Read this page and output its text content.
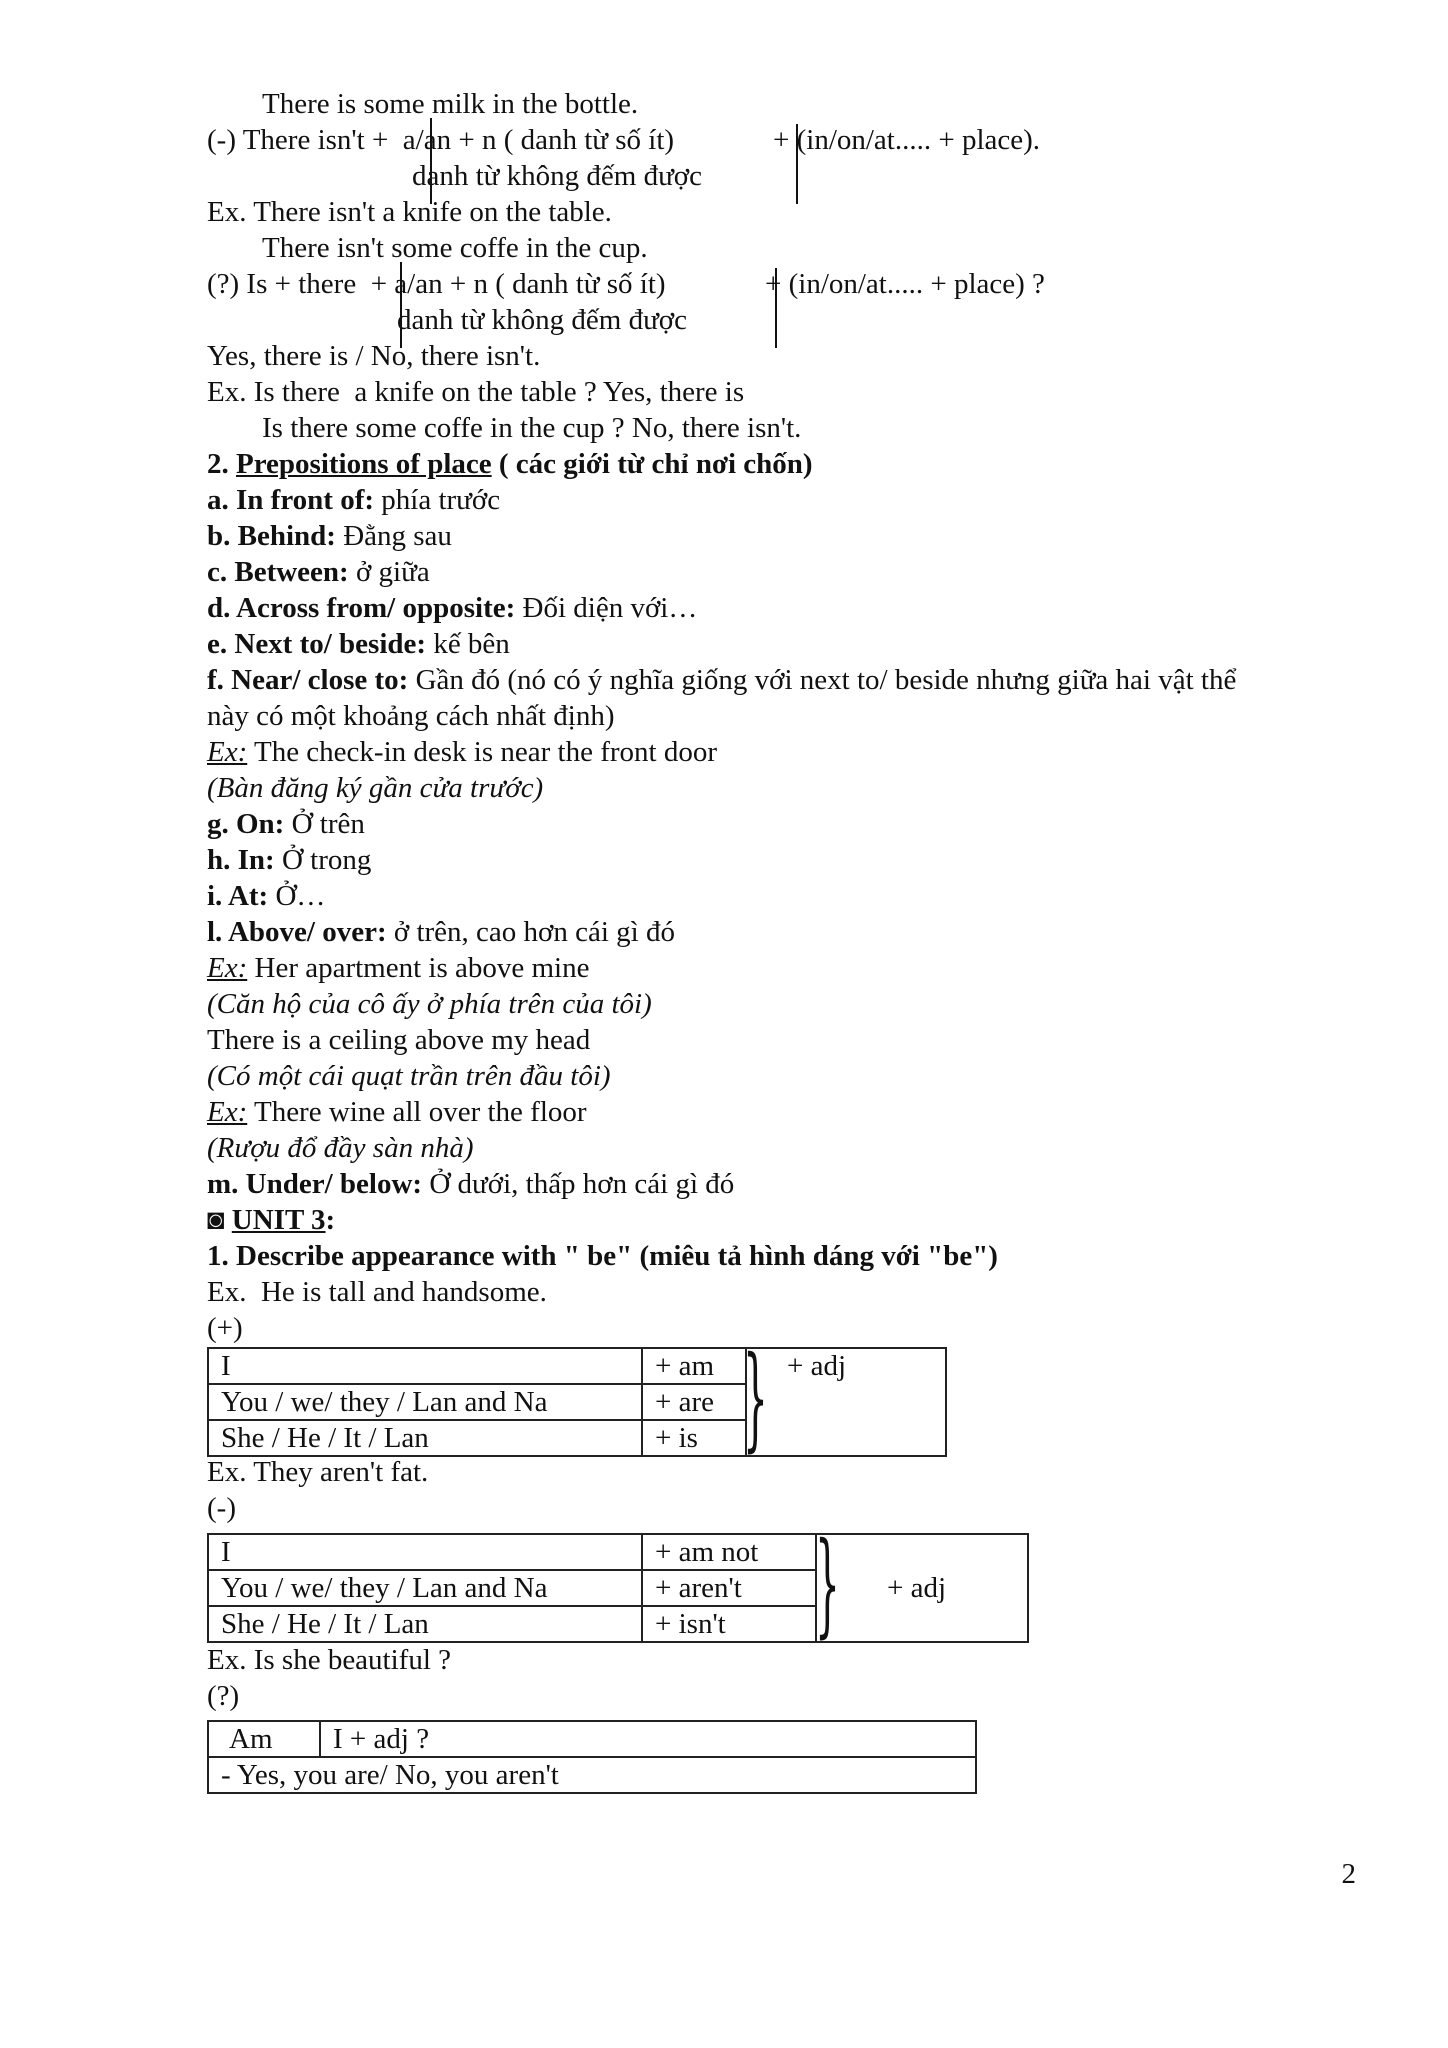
There is some milk in the bottle.
(-) There isn't +  a/an + n ( danh từ số ít)	+ (in/on/at..... + place).
danh từ không đếm được
Ex. There isn't a knife on the table.
There isn't some coffe in the cup.
(?) Is + there  + a/an + n ( danh từ số ít)	+ (in/on/at..... + place) ?
danh từ không đếm được
Yes, there is / No, there isn't.
Ex. Is there  a knife on the table ? Yes, there is
Is there some coffe in the cup ? No, there isn't.
2. Prepositions of place ( các giới từ chỉ nơi chốn)
a. In front of: phía trước
b. Behind: Đằng sau
c. Between: ở giữa
d. Across from/ opposite: Đối diện với…
e. Next to/ beside: kế bên
f. Near/ close to: Gần đó (nó có ý nghĩa giống với next to/ beside nhưng giữa hai vật thể
này có một khoảng cách nhất định)
Ex: The check-in desk is near the front door
(Bàn đăng ký gần cửa trước)
g. On: Ở trên
h. In: Ở trong
i. At: Ở…
l. Above/ over: ở trên, cao hơn cái gì đó
Ex: Her apartment is above mine
(Căn hộ của cô ấy ở phía trên của tôi)
There is a ceiling above my head
(Có một cái quạt trần trên đầu tôi)
Ex: There wine all over the floor
(Rượu đổ đầy sàn nhà)
m. Under/ below: Ở dưới, thấp hơn cái gì đó
◙ UNIT 3:
1. Describe appearance with " be" (miêu tả hình dáng với "be")
Ex.  He is tall and handsome.
(+)
I	+ am	+ adj
You / we/ they / Lan and Na	+ are	
She / He / It / Lan	+ is	}
Ex. They aren't fat.
(-)
I	+ am not	
You / we/ they / Lan and Na	+ aren't	+ adj
She / He / It / Lan	+ isn't	}
Ex. Is she beautiful ?
(?)
Am	I + adj ?
- Yes, you are/ No, you aren't
2
